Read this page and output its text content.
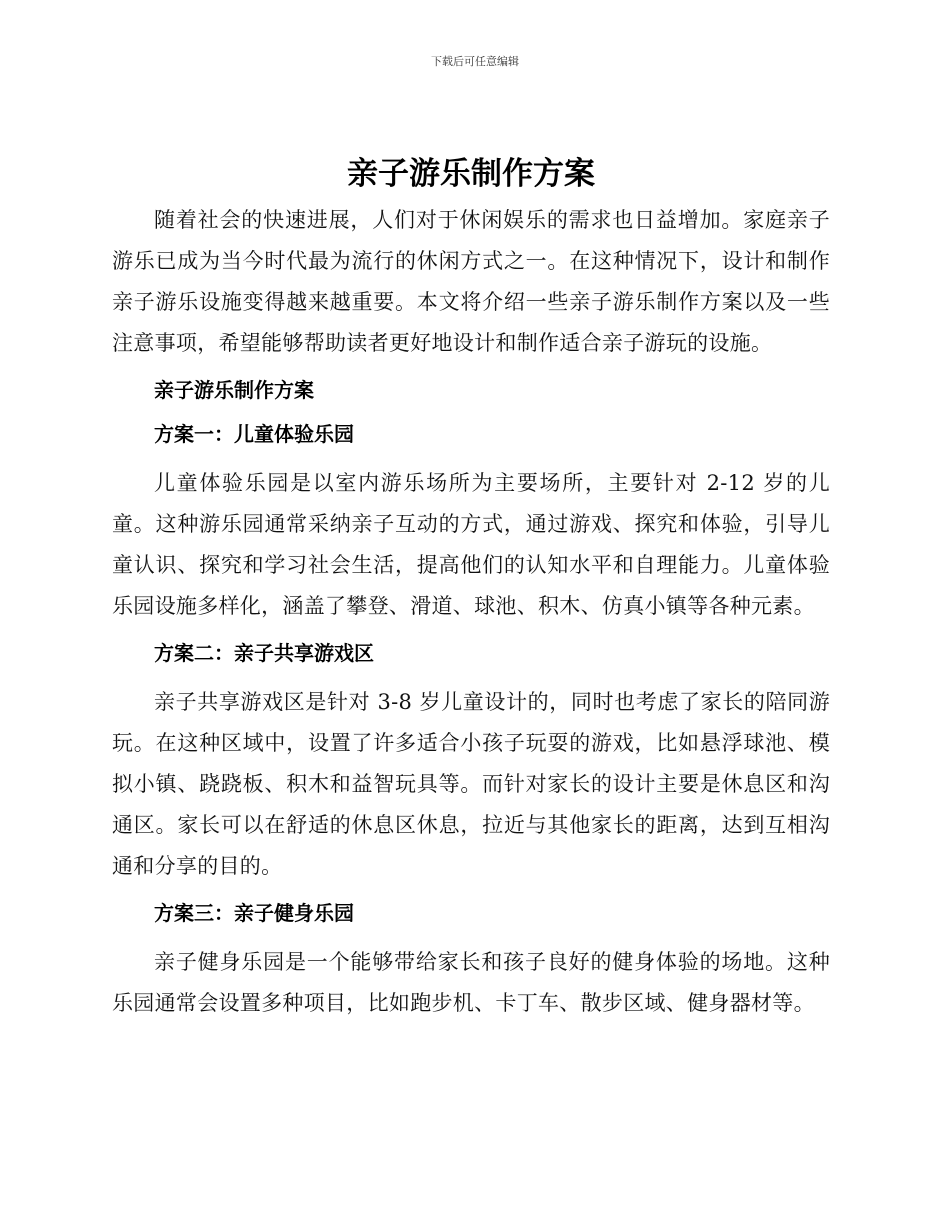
下载后可任意编辑
亲子游乐制作方案

随着社会的快速进展，人们对于休闲娱乐的需求也日益增加。家庭亲子游乐已成为当今时代最为流行的休闲方式之一。在这种情况下，设计和制作亲子游乐设施变得越来越重要。本文将介绍一些亲子游乐制作方案以及一些注意事项，希望能够帮助读者更好地设计和制作适合亲子游玩的设施。

亲子游乐制作方案
方案一：儿童体验乐园

儿童体验乐园是以室内游乐场所为主要场所，主要针对 2-12 岁的儿童。这种游乐园通常采纳亲子互动的方式，通过游戏、探究和体验，引导儿童认识、探究和学习社会生活，提高他们的认知水平和自理能力。儿童体验乐园设施多样化，涵盖了攀登、滑道、球池、积木、仿真小镇等各种元素。

方案二：亲子共享游戏区

亲子共享游戏区是针对 3-8 岁儿童设计的，同时也考虑了家长的陪同游玩。在这种区域中，设置了许多适合小孩子玩耍的游戏，比如悬浮球池、模拟小镇、跷跷板、积木和益智玩具等。而针对家长的设计主要是休息区和沟通区。家长可以在舒适的休息区休息，拉近与其他家长的距离，达到互相沟通和分享的目的。

方案三：亲子健身乐园

亲子健身乐园是一个能够带给家长和孩子良好的健身体验的场地。这种乐园通常会设置多种项目，比如跑步机、卡丁车、散步区域、健身器材等。
